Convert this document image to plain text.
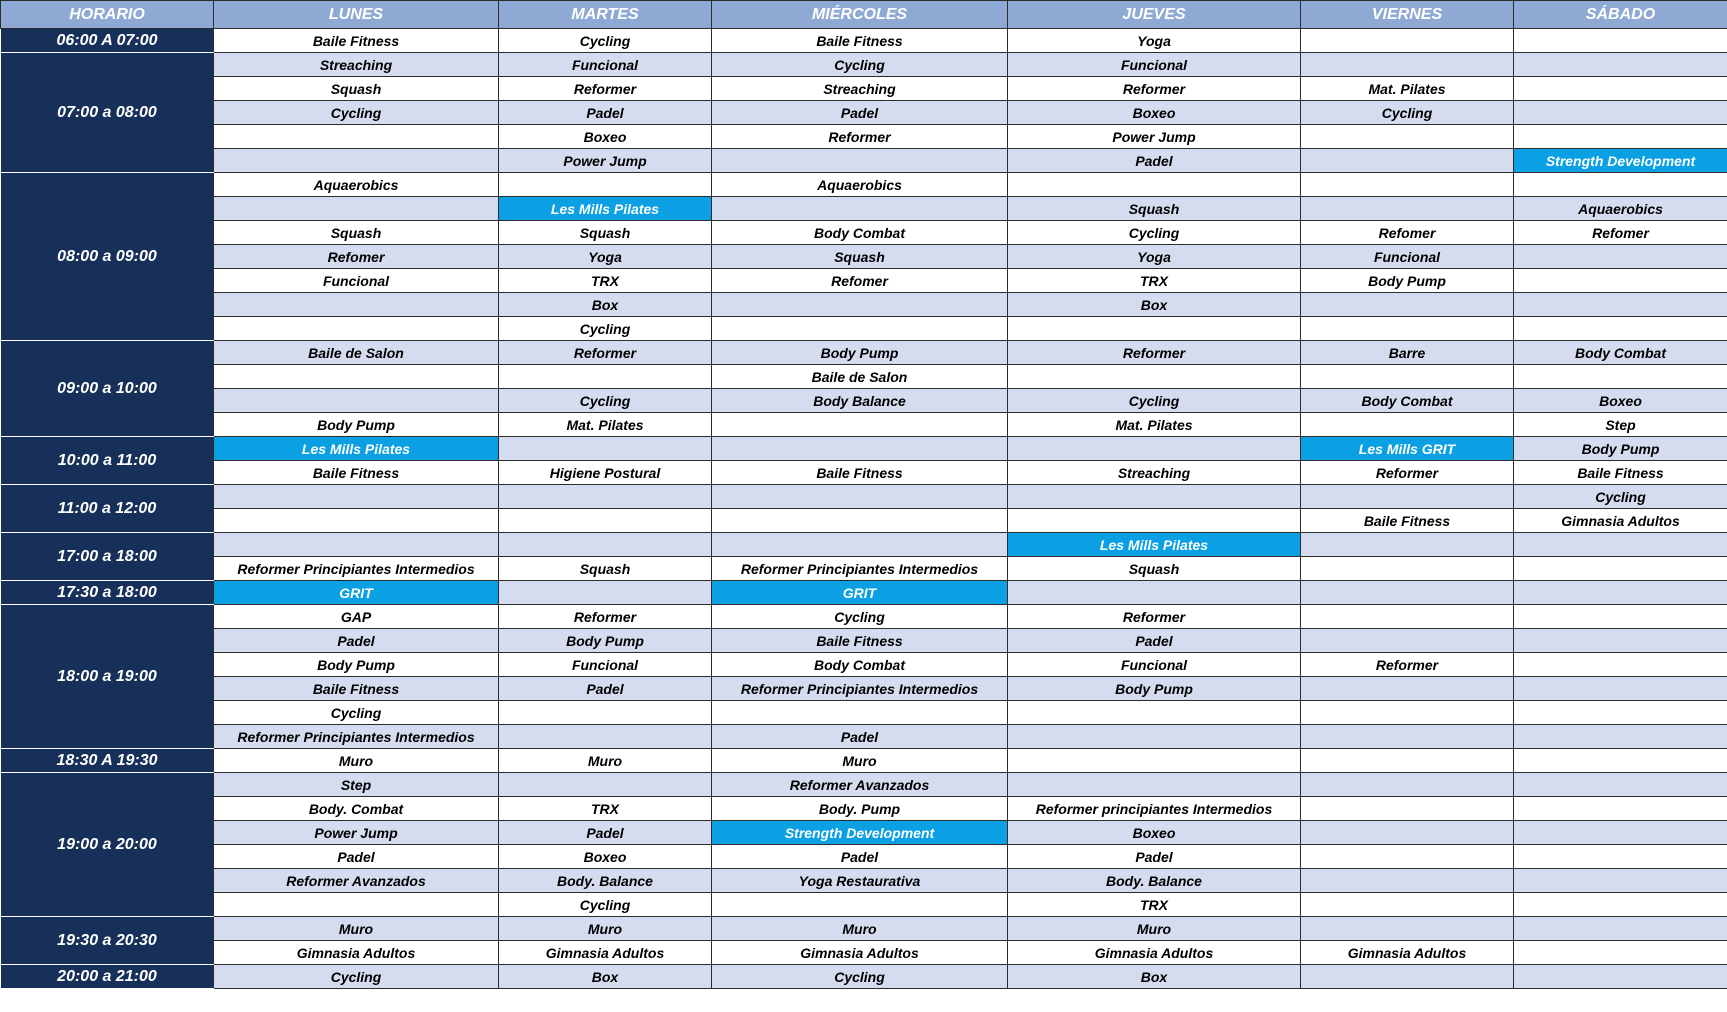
HORARIO	LUNES	MARTES	MIÉRCOLES	JUEVES	VIERNES	SÁBADO
06:00 A 07:00	Baile Fitness	Cycling	Baile Fitness	Yoga		
07:00 a 08:00	Streaching	Funcional	Cycling	Funcional		
	Squash	Reformer	Streaching	Reformer	Mat. Pilates	
	Cycling	Padel	Padel	Boxeo	Cycling	
		Boxeo	Reformer	Power Jump		
		Power Jump		Padel		Strength Development
08:00 a 09:00	Aquaerobics		Aquaerobics			
		Les Mills Pilates		Squash		Aquaerobics
	Squash	Squash	Body Combat	Cycling	Refomer	Refomer
	Refomer	Yoga	Squash	Yoga	Funcional	
	Funcional	TRX	Refomer	TRX	Body Pump	
		Box		Box		
		Cycling				
09:00 a 10:00	Baile de Salon	Reformer	Body Pump	Reformer	Barre	Body Combat
			Baile de Salon			
		Cycling	Body Balance	Cycling	Body Combat	Boxeo
	Body Pump	Mat. Pilates		Mat. Pilates		Step
10:00 a 11:00	Les Mills Pilates				Les Mills GRIT	Body Pump
	Baile Fitness	Higiene Postural	Baile Fitness	Streaching	Reformer	Baile Fitness
11:00 a 12:00						Cycling
					Baile Fitness	Gimnasia Adultos
17:00 a 18:00				Les Mills Pilates		
	Reformer Principiantes Intermedios	Squash	Reformer Principiantes Intermedios	Squash		
17:30 a 18:00	GRIT		GRIT			
18:00 a 19:00	GAP	Reformer	Cycling	Reformer		
	Padel	Body Pump	Baile Fitness	Padel		
	Body Pump	Funcional	Body Combat	Funcional	Reformer	
	Baile Fitness	Padel	Reformer Principiantes Intermedios	Body Pump		
	Cycling					
	Reformer Principiantes Intermedios		Padel			
18:30 A 19:30	Muro	Muro	Muro			
19:00 a 20:00	Step		Reformer Avanzados			
	Body. Combat	TRX	Body. Pump	Reformer principiantes Intermedios		
	Power Jump	Padel	Strength Development	Boxeo		
	Padel	Boxeo	Padel	Padel		
	Reformer Avanzados	Body. Balance	Yoga Restaurativa	Body. Balance		
		Cycling		TRX		
19:30 a 20:30	Muro	Muro	Muro	Muro		
	Gimnasia Adultos	Gimnasia Adultos	Gimnasia Adultos	Gimnasia Adultos	Gimnasia Adultos	
20:00 a 21:00	Cycling	Box	Cycling	Box		
